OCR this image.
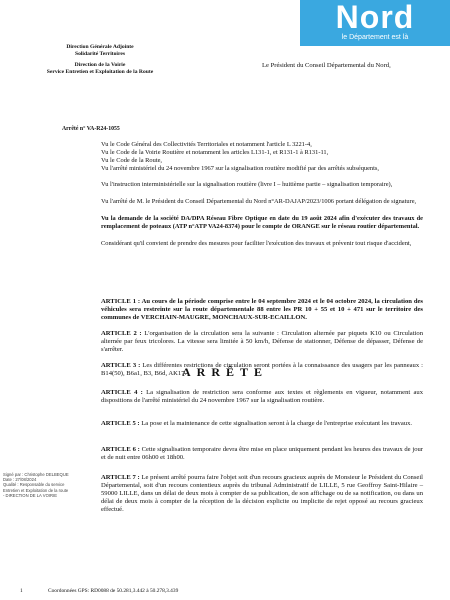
Nord
le Département est là
Direction Générale Adjointe
Solidarité Territoires
Direction de la Voirie
Service Entretien et Exploitation de la Route
Le Président du Conseil Départemental du Nord,
Arrêté n° VA-R24-1055
Vu le Code Général des Collectivités Territoriales et notamment l'article L 3221-4,
Vu le Code de la Voirie Routière et notamment les articles L131-1, et R131-1 à R131-11,
Vu le Code de la Route,
Vu l'arrêté ministériel du 24 novembre 1967 sur la signalisation routière modifié par des arrêtés subséquents,
Vu l'instruction interministérielle sur la signalisation routière (livre I – huitième partie – signalisation temporaire),
Vu l'arrêté de M. le Président du Conseil Départemental du Nord n°AR-DAJAP/2023/1006 portant délégation de signature,
Vu la demande de la société DA/DPA Réseau Fibre Optique en date du 19 août 2024 afin d'exécuter des travaux de remplacement de poteaux (ATP n°ATP VA24-8374) pour le compte de ORANGE sur le réseau routier départemental.
Considérant qu'il convient de prendre des mesures pour faciliter l'exécution des travaux et prévenir tout risque d'accident,
ARRÊTE
ARTICLE 1 : Au cours de la période comprise entre le 04 septembre 2024 et le 04 octobre 2024, la circulation des véhicules sera restreinte sur la route départementale 88 entre les PR 10 + 55 et 10 + 471 sur le territoire des communes de VERCHAIN-MAUGRE, MONCHAUX-SUR-ECAILLON.
ARTICLE 2 : L'organisation de la circulation sera la suivante : Circulation alternée par piquets K10 ou Circulation alternée par feux tricolores. La vitesse sera limitée à 50 km/h, Défense de stationner, Défense de dépasser, Défense de s'arrêter.
ARTICLE 3 : Les différentes restrictions de circulation seront portées à la connaissance des usagers par les panneaux : B14(50), B6a1, B3, B6d, AK17.
ARTICLE 4 : La signalisation de restriction sera conforme aux textes et règlements en vigueur, notamment aux dispositions de l'arrêté ministériel du 24 novembre 1967 sur la signalisation routière.
ARTICLE 5 : La pose et la maintenance de cette signalisation seront à la charge de l'entreprise exécutant les travaux.
ARTICLE 6 : Cette signalisation temporaire devra être mise en place uniquement pendant les heures des travaux de jour et de nuit entre 06h00 et 18h00.
ARTICLE 7 : Le présent arrêté pourra faire l'objet soit d'un recours gracieux auprès de Monsieur le Président du Conseil Départemental, soit d'un recours contentieux auprès du tribunal Administratif de LILLE, 5 rue Geoffroy Saint-Hilaire – 59000 LILLE, dans un délai de deux mois à compter de sa publication, de son affichage ou de sa notification, ou dans un délai de deux mois à compter de la réception de la décision explicite ou implicite de rejet opposé au recours gracieux effectué.
Signé par : Christophe DELBEQUE
Date : 27/08/2024
Qualité : Responsable du service
Entretien et Exploitation de la route
- DIRECTION DE LA VOIRIE
1	Coordonnées GPS: RD0088 de 50.281,3.442 à 50.278,3.439
